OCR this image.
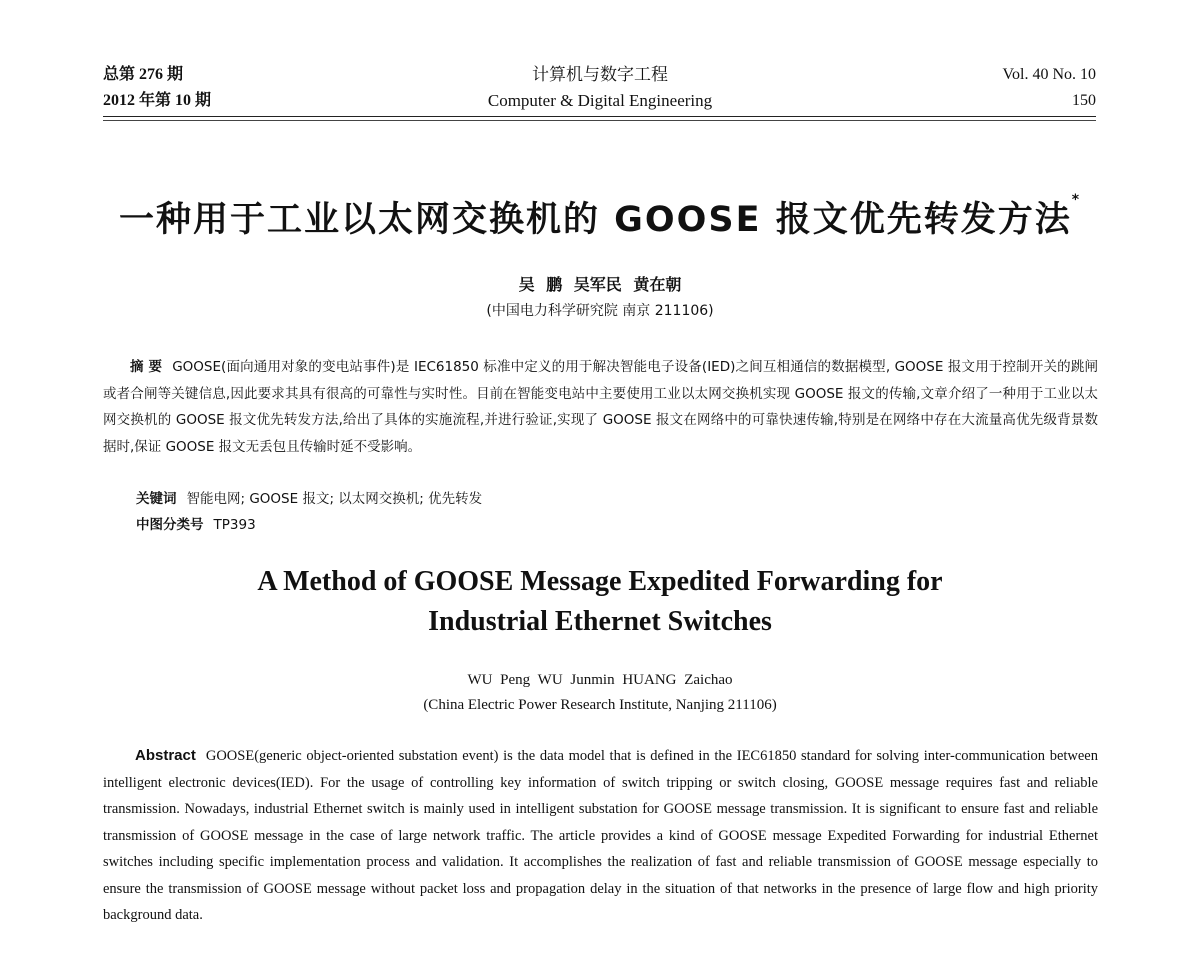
总第 276 期
2012 年第 10 期
计算机与数字工程
Computer & Digital Engineering
Vol. 40 No. 10
150
一种用于工业以太网交换机的 GOOSE 报文优先转发方法*
吴 鹏 吴军民 黄在朝
(中国电力科学研究院 南京 211106)
摘 要 GOOSE(面向通用对象的变电站事件)是 IEC61850 标准中定义的用于解决智能电子设备(IED)之间互相通信的数据模型, GOOSE 报文用于控制开关的跳闸或者合闸等关键信息,因此要求其具有很高的可靠性与实时性。目前在智能变电站中主要使用工业以太网交换机实现 GOOSE 报文的传输,文章介绍了一种用于工业以太网交换机的 GOOSE 报文优先转发方法,给出了具体的实施流程,并进行验证,实现了 GOOSE 报文在网络中的可靠快速传输,特别是在网络中存在大流量高优先级背景数据时,保证 GOOSE 报文无丢包且传输时延不受影响。
关键词 智能电网; GOOSE 报文; 以太网交换机; 优先转发
中图分类号 TP393
A Method of GOOSE Message Expedited Forwarding for
Industrial Ethernet Switches
WU Peng WU Junmin HUANG Zaichao
(China Electric Power Research Institute, Nanjing 211106)
Abstract GOOSE(generic object-oriented substation event) is the data model that is defined in the IEC61850 standard for solving inter-communication between intelligent electronic devices(IED). For the usage of controlling key information of switch tripping or switch closing, GOOSE message requires fast and reliable transmission. Nowadays, industrial Ethernet switch is mainly used in intelligent substation for GOOSE message transmission. It is significant to ensure fast and reliable transmission of GOOSE message in the case of large network traffic. The article provides a kind of GOOSE message Expedited Forwarding for industrial Ethernet switches including specific implementation process and validation. It accomplishes the realization of fast and reliable transmission of GOOSE message especially to ensure the transmission of GOOSE message without packet loss and propagation delay in the situation of that networks in the presence of large flow and high priority background data.
